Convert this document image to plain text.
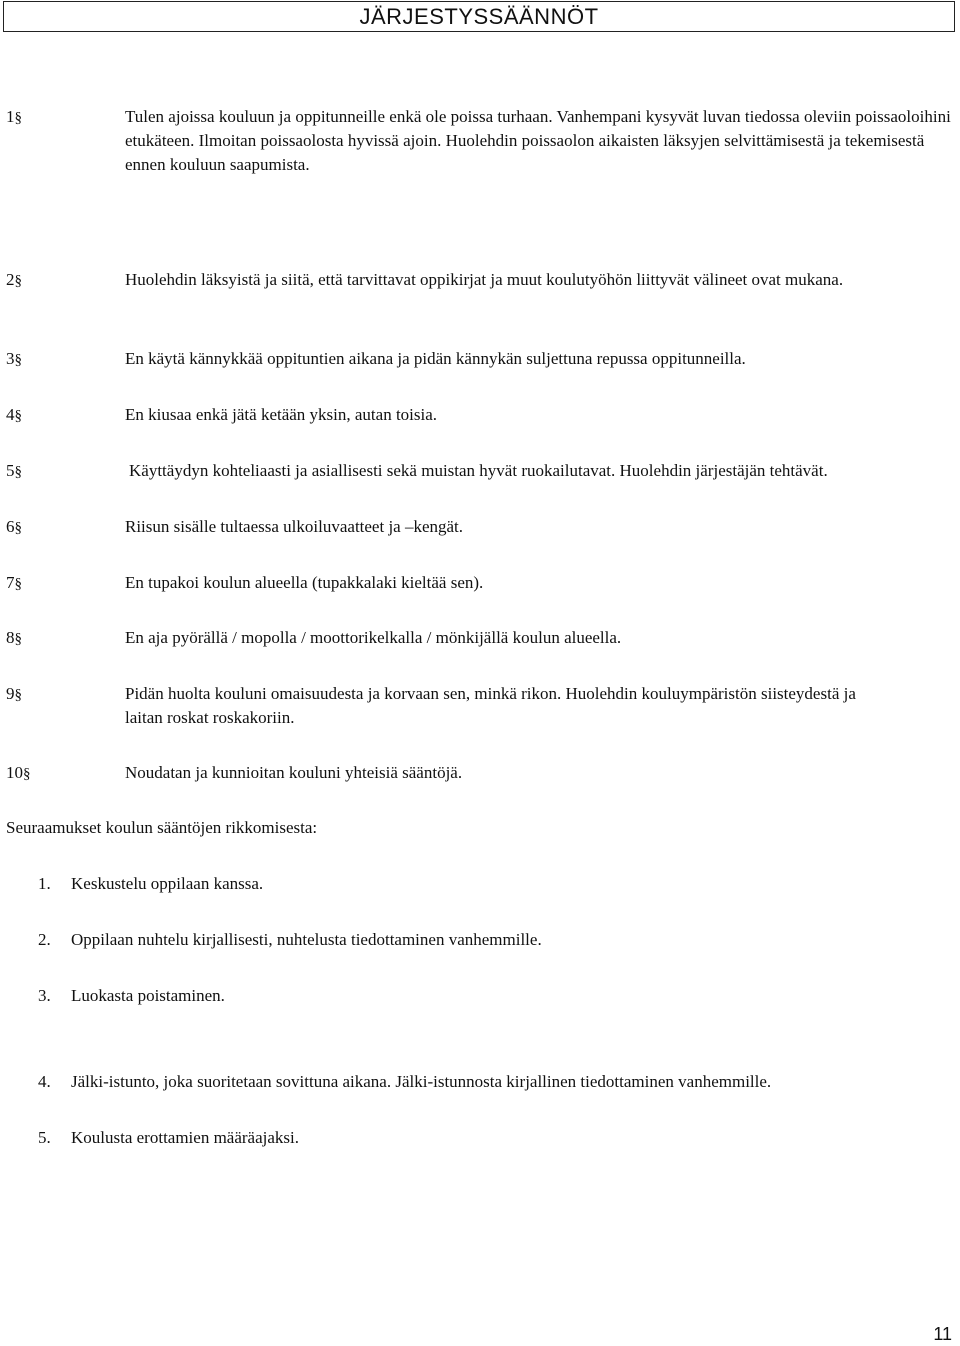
JÄRJESTYSSÄÄNNÖT
1§	Tulen ajoissa kouluun ja oppitunneille enkä ole poissa turhaan. Vanhempani kysyvät luvan tiedossa oleviin poissaoloihini etukäteen. Ilmoitan poissaolosta hyvissä ajoin. Huolehdin poissaolon aikaisten läksyjen selvittämisestä ja tekemisestä ennen kouluun saapumista.
2§	Huolehdin läksyistä ja siitä, että tarvittavat oppikirjat ja muut koulutyöhön liittyvät välineet ovat mukana.
3§	En käytä kännykkää oppituntien aikana ja pidän kännykän suljettuna repussa oppitunneilla.
4§	En kiusaa enkä jätä ketään yksin, autan toisia.
5§	Käyttäydyn kohteliaasti ja asiallisesti sekä muistan hyvät ruokailutavat. Huolehdin järjestäjän tehtävät.
6§	Riisun sisälle tultaessa ulkoiluvaatteet ja –kengät.
7§	En tupakoi koulun alueella (tupakkalaki kieltää sen).
8§	En aja pyörällä / mopolla / moottorikelkalla / mönkijällä koulun alueella.
9§	Pidän huolta kouluni omaisuudesta ja korvaan sen, minkä rikon. Huolehdin kouluympäristön siisteydestä ja laitan roskat roskakoriin.
10§	Noudatan ja kunnioitan kouluni yhteisiä sääntöjä.
Seuraamukset koulun sääntöjen rikkomisesta:
1. Keskustelu oppilaan kanssa.
2. Oppilaan nuhtelu kirjallisesti, nuhtelusta tiedottaminen vanhemmille.
3. Luokasta poistaminen.
4. Jälki-istunto, joka suoritetaan sovittuna aikana. Jälki-istunnosta kirjallinen tiedottaminen vanhemmille.
5. Koulusta erottamien määräajaksi.
11
